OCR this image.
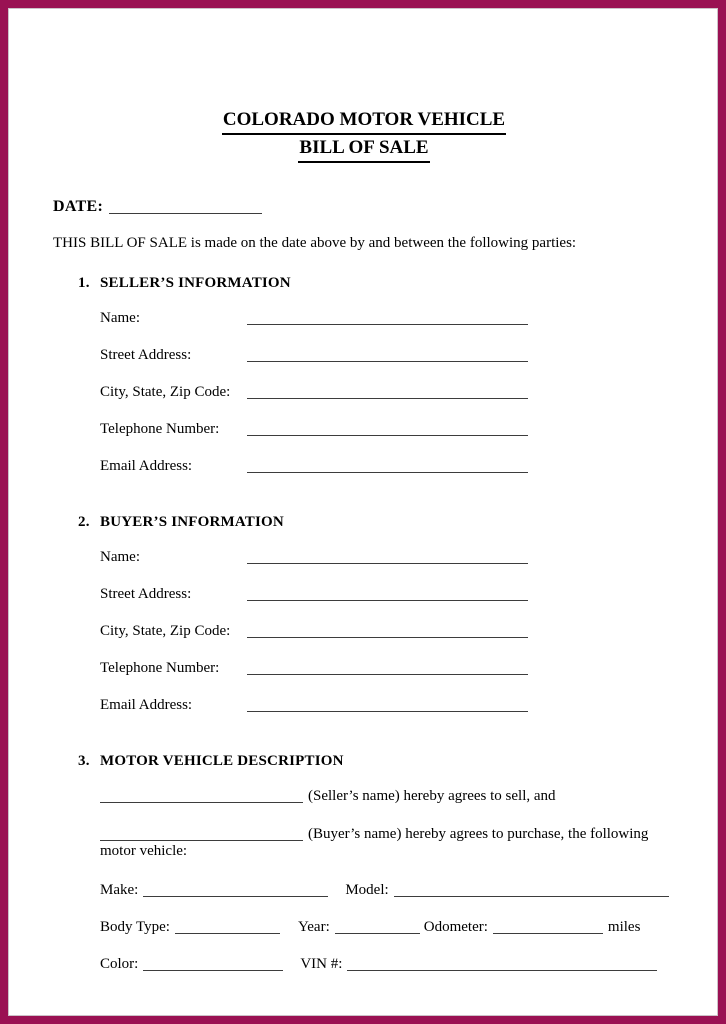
COLORADO MOTOR VEHICLE
BILL OF SALE
DATE:

THIS BILL OF SALE is made on the date above by and between the following parties:

1. SELLER’S INFORMATION
Name:
Street Address:
City, State, Zip Code:
Telephone Number:
Email Address:
2. BUYER’S INFORMATION
Name:
Street Address:
City, State, Zip Code:
Telephone Number:
Email Address:
3. MOTOR VEHICLE DESCRIPTION
(Seller’s name) hereby agrees to sell, and
(Buyer’s name) hereby agrees to purchase, the following
motor vehicle:
Make:	Model:
Body Type:	Year:	Odometer:	miles
Color:	VIN #:
